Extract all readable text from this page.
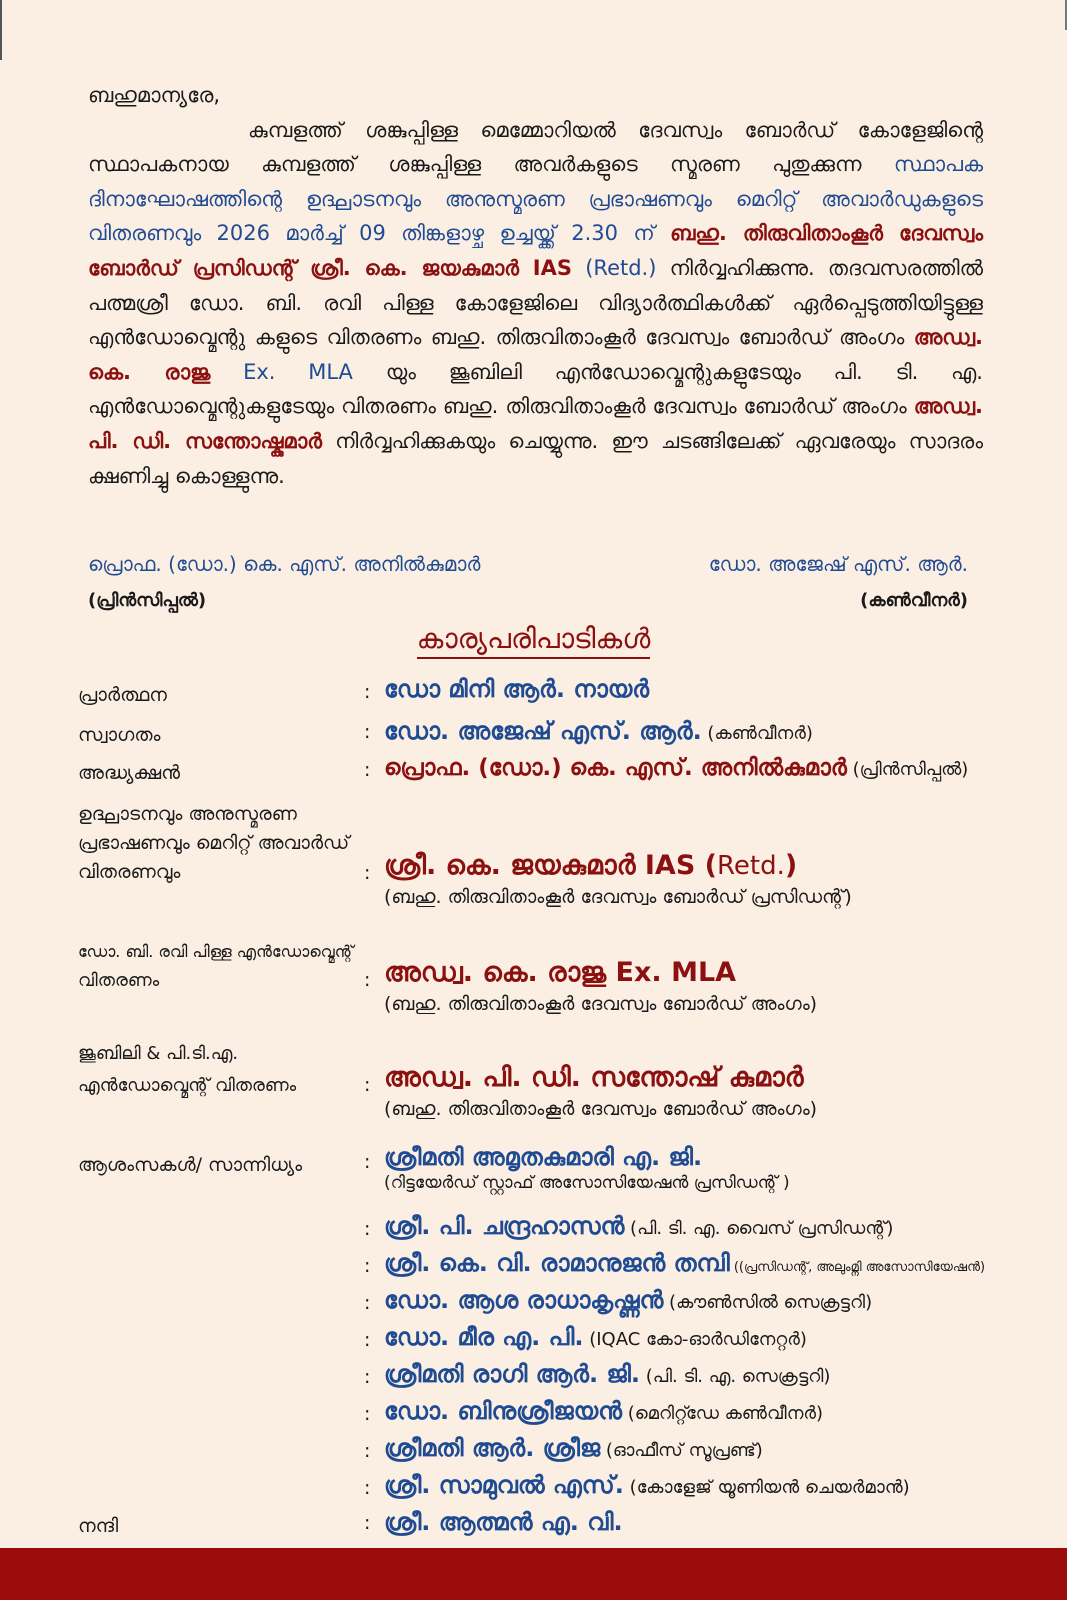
ബഹുമാന്യരേ,

കുമ്പളത്ത് ശങ്കുപ്പിള്ള മെമ്മോറിയൽ ദേവസ്വം ബോർഡ് കോളേജിന്റെ സ്ഥാപകനായ കുമ്പളത്ത് ശങ്കുപ്പിള്ള അവർകളുടെ സ്മരണ പുതുക്കുന്ന സ്ഥാപക ദിനാഘോഷത്തിന്റെ ഉദ്ഘാടനവും അനുസ്മരണ പ്രഭാഷണവും മെറിറ്റ് അവാർഡുകളുടെ വിതരണവും 2026 മാർച്ച് 09 തിങ്കളാഴ്ച ഉച്ചയ്ക്ക് 2.30 ന് ബഹു. തിരുവിതാംകൂർ ദേവസ്വം ബോർഡ് പ്രസിഡന്റ് ശ്രീ. കെ. ജയകുമാർ IAS (Retd.) നിർവ്വഹിക്കുന്നു. തദവസരത്തിൽ പത്മശ്രീ ഡോ. ബി. രവി പിള്ള കോളേജിലെ വിദ്യാർത്ഥികൾക്ക് ഏർപ്പെടുത്തിയിട്ടുള്ള എൻഡോവ്മെന്റു കളുടെ വിതരണം ബഹു. തിരുവിതാംകൂർ ദേവസ്വം ബോർഡ് അംഗം അഡ്വ. കെ. രാജു Ex. MLA യും ജൂബിലി എൻഡോവ്മെന്റുകളുടേയും പി. ടി. എ. എൻഡോവ്മെന്റുകളുടേയും വിതരണം ബഹു. തിരുവിതാംകൂർ ദേവസ്വം ബോർഡ് അംഗം അഡ്വ. പി. ഡി. സന്തോഷ്കുമാർ നിർവ്വഹിക്കുകയും ചെയ്യുന്നു. ഈ ചടങ്ങിലേക്ക് ഏവരേയും സാദരം ക്ഷണിച്ചു കൊള്ളുന്നു.

പ്രൊഫ. (ഡോ.) കെ. എസ്. അനിൽകുമാർ	ഡോ. അജേഷ് എസ്. ആർ.
(പ്രിൻസിപ്പൽ)	(കൺവീനർ)
കാര്യപരിപാടികൾ
പ്രാർത്ഥന	: ഡോ മിനി ആർ. നായർ
സ്വാഗതം	: ഡോ. അജേഷ് എസ്. ആർ. (കൺവീനർ)
അദ്ധ്യക്ഷൻ	: പ്രൊഫ. (ഡോ.) കെ. എസ്. അനിൽകുമാർ (പ്രിൻസിപ്പൽ)
ഉദ്ഘാടനവും അനുസ്മരണ
പ്രഭാഷണവും മെറിറ്റ് അവാർഡ്
വിതരണവും	: ശ്രീ. കെ. ജയകുമാർ IAS (Retd.)
(ബഹു. തിരുവിതാംകൂർ ദേവസ്വം ബോർഡ് പ്രസിഡന്റ്)
ഡോ. ബി. രവി പിള്ള എൻഡോവ്മെന്റ്
വിതരണം	: അഡ്വ. കെ. രാജു Ex. MLA
(ബഹു. തിരുവിതാംകൂർ ദേവസ്വം ബോർഡ് അംഗം)
ജൂബിലി & പി.ടി.എ.
എൻഡോവ്മെന്റ് വിതരണം	: അഡ്വ. പി. ഡി. സന്തോഷ് കുമാർ
(ബഹു. തിരുവിതാംകൂർ ദേവസ്വം ബോർഡ് അംഗം)
ആശംസകൾ/ സാന്നിധ്യം	: ശ്രീമതി അമൃതകുമാരി എ. ജി.
(റിട്ടയേർഡ് സ്റ്റാഫ് അസോസിയേഷൻ പ്രസിഡന്റ് )
: ശ്രീ. പി. ചന്ദ്രഹാസൻ (പി. ടി. എ. വൈസ് പ്രസിഡന്റ്)
: ശ്രീ. കെ. വി. രാമാനുജൻ തമ്പി ((പ്രസിഡന്റ്, അലുംമ്നി അസോസിയേഷൻ)
: ഡോ. ആശ രാധാകൃഷ്ണൻ (കൗൺസിൽ സെക്രട്ടറി)
: ഡോ. മീര എ. പി. (IQAC കോ-ഓർഡിനേറ്റർ)
: ശ്രീമതി രാഗി ആർ. ജി. (പി. ടി. എ. സെക്രട്ടറി)
: ഡോ. ബിനുശ്രീജയൻ (മെറിറ്റ്ഡേ കൺവീനർ)
: ശ്രീമതി ആർ. ശ്രീജ (ഓഫീസ് സൂപ്രണ്ട്)
: ശ്രീ. സാമുവൽ എസ്. (കോളേജ് യൂണിയൻ ചെയർമാൻ)
നന്ദി	: ശ്രീ. ആത്മൻ എ. വി.
